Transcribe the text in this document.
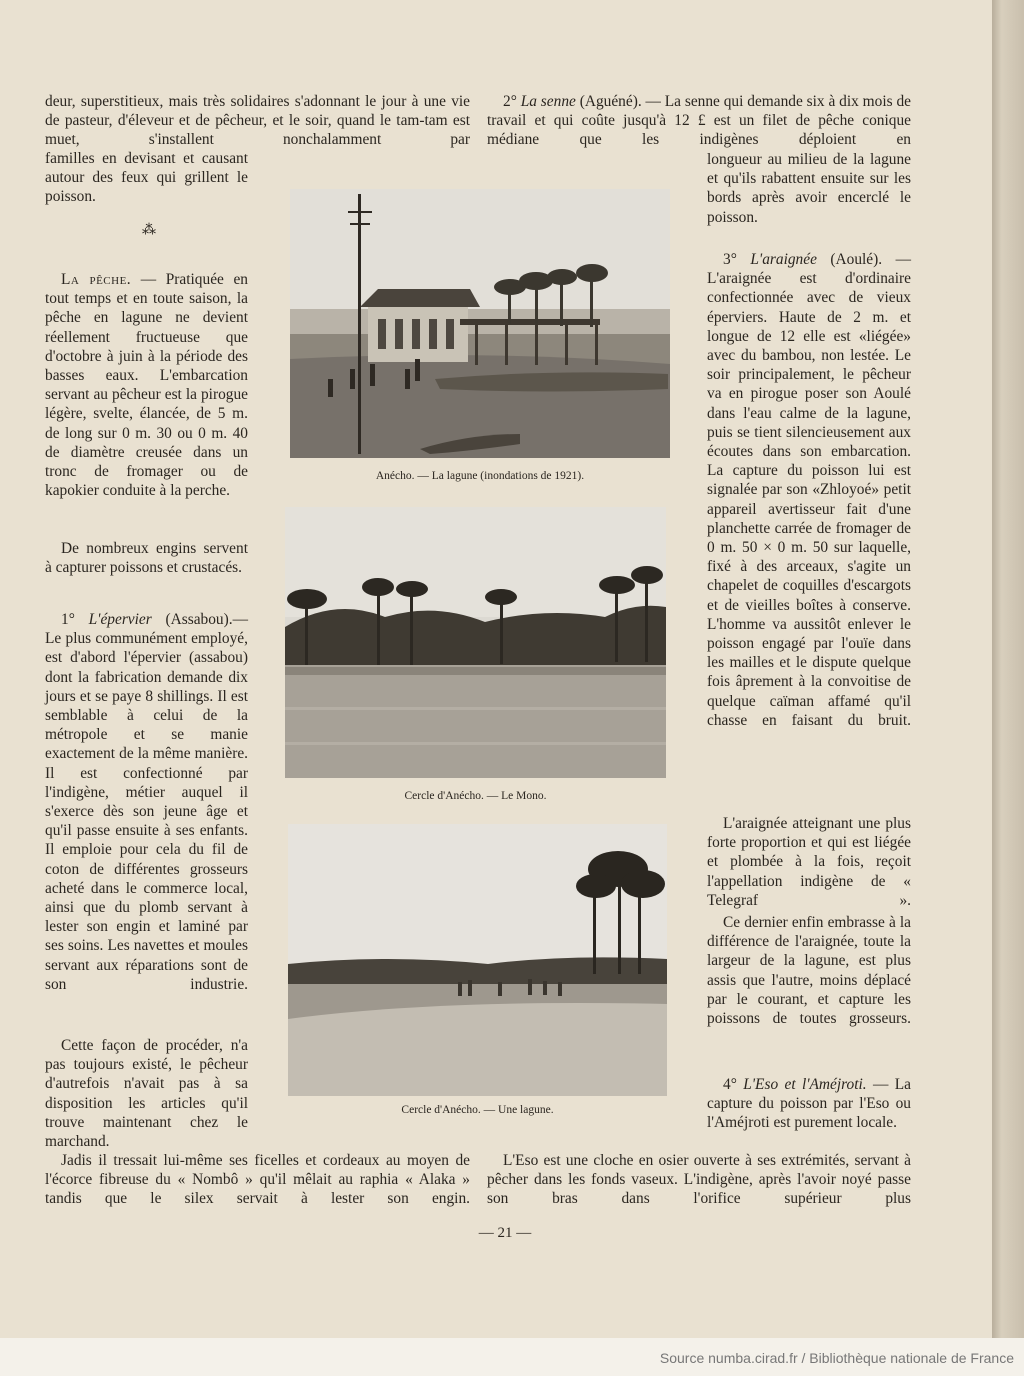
deur, superstitieux, mais très solidaires s'adonnant le jour à une vie de pasteur, d'éleveur et de pêcheur, et le soir, quand le tam-tam est muet, s'installent nonchalamment par

familles en devisant et causant autour des feux qui grillent le poisson.

⁂

La pêche. — Pratiquée en tout temps et en toute saison, la pêche en lagune ne devient réellement fructueuse que d'octobre à juin à la période des basses eaux. L'embarcation servant au pêcheur est la pirogue légère, svelte, élancée, de 5 m. de long sur 0 m. 30 ou 0 m. 40 de diamètre creusée dans un tronc de fromager ou de kapokier conduite à la perche.

De nombreux engins servent à capturer poissons et crustacés.

1° L'épervier (Assabou).— Le plus communément employé, est d'abord l'épervier (assabou) dont la fabrication demande dix jours et se paye 8 shillings. Il est semblable à celui de la métropole et se manie exactement de la même manière. Il est confectionné par l'indigène, métier auquel il s'exerce dès son jeune âge et qu'il passe ensuite à ses enfants. Il emploie pour cela du fil de coton de différentes grosseurs acheté dans le commerce local, ainsi que du plomb servant à lester son engin et laminé par ses soins. Les navettes et moules servant aux réparations sont de son industrie.

Cette façon de procéder, n'a pas toujours existé, le pêcheur d'autrefois n'avait pas à sa disposition les articles qu'il trouve maintenant chez le marchand.

Jadis il tressait lui-même ses ficelles et cordeaux au moyen de l'écorce fibreuse du « Nombô » qu'il mêlait au raphia « Alaka » tandis que le silex servait à lester son engin.

2° La senne (Aguéné). — La senne qui demande six à dix mois de travail et qui coûte jusqu'à 12 £ est un filet de pêche conique médiane que les indigènes déploient en

longueur au milieu de la lagune et qu'ils rabattent ensuite sur les bords après avoir encerclé le poisson.

3° L'araignée (Aoulé). — L'araignée est d'ordinaire confectionnée avec de vieux éperviers. Haute de 2 m. et longue de 12 elle est «liégée» avec du bambou, non lestée. Le soir principalement, le pêcheur va en pirogue poser son Aoulé dans l'eau calme de la lagune, puis se tient silencieusement aux écoutes dans son embarcation. La capture du poisson lui est signalée par son «Zhloyoé» petit appareil avertisseur fait d'une planchette carrée de fromager de 0 m. 50 × 0 m. 50 sur laquelle, fixé à des arceaux, s'agite un chapelet de coquilles d'escargots et de vieilles boîtes à conserve. L'homme va aussitôt enlever le poisson engagé par l'ouïe dans les mailles et le dispute quelque fois âprement à la convoitise de quelque caïman affamé qu'il chasse en faisant du bruit.

L'araignée atteignant une plus forte proportion et qui est liégée et plombée à la fois, reçoit l'appellation indigène de « Telegraf ».

Ce dernier enfin embrasse à la différence de l'araignée, toute la largeur de la lagune, est plus assis que l'autre, moins déplacé par le courant, et capture les poissons de toutes grosseurs.

4° L'Eso et l'Améjroti. — La capture du poisson par l'Eso ou l'Améjroti est purement locale.

L'Eso est une cloche en osier ouverte à ses extrémités, servant à pêcher dans les fonds vaseux. L'indigène, après l'avoir noyé passe son bras dans l'orifice supérieur plus

Anécho. — La lagune (inondations de 1921).

Cercle d'Anécho. — Le Mono.

Cercle d'Anécho. — Une lagune.

— 21 —

Source numba.cirad.fr / Bibliothèque nationale de France
